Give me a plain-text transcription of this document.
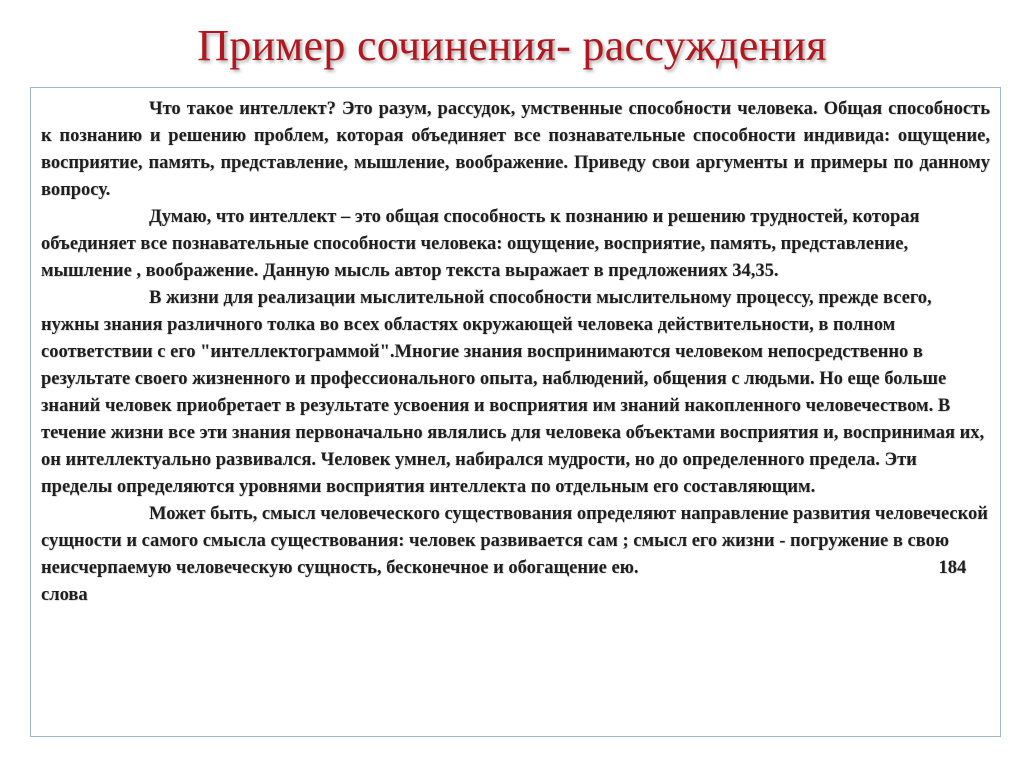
Пример сочинения- рассуждения

Что такое интеллект? Это разум, рассудок, умственные способности человека. Общая способность к познанию и решению проблем, которая объединяет все познавательные способности индивида: ощущение, восприятие, память, представление, мышление, воображение. Приведу свои аргументы и примеры по данному вопросу.

Думаю, что интеллект – это общая способность к познанию и решению трудностей, которая объединяет все познавательные способности человека: ощущение, восприятие, память, представление, мышление , воображение. Данную мысль автор текста выражает в предложениях 34,35.

В жизни для реализации мыслительной способности мыслительному процессу, прежде всего, нужны знания различного толка во всех областях окружающей человека действительности, в полном соответствии с его "интеллектограммой".Многие знания воспринимаются человеком непосредственно в результате своего жизненного и профессионального опыта, наблюдений, общения с людьми. Но еще больше знаний человек приобретает в результате усвоения и восприятия им знаний накопленного человечеством. В течение жизни все эти знания первоначально являлись для человека объектами восприятия и, воспринимая их, он интеллектуально развивался. Человек умнел, набирался мудрости, но до определенного предела. Эти пределы определяются уровнями восприятия интеллекта по отдельным его составляющим.

Может быть, смысл человеческого существования определяют направление развития человеческой сущности и самого смысла существования: человек развивается сам ; смысл его жизни - погружение в свою неисчерпаемую человеческую сущность, бесконечное и обогащение ею.	184 слова
